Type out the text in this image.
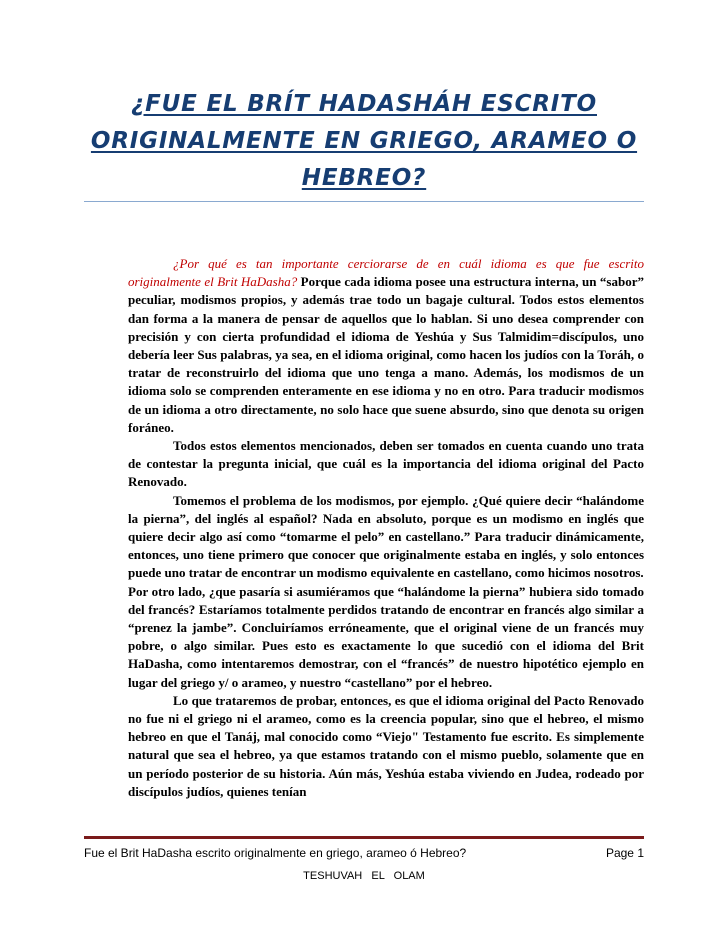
¿FUE EL BRÍT HADASHÁH ESCRITO ORIGINALMENTE EN GRIEGO, ARAMEO O HEBREO?

¿Por qué es tan importante cerciorarse de en cuál idioma es que fue escrito originalmente el Brit HaDasha? Porque cada idioma posee una estructura interna, un “sabor” peculiar, modismos propios, y además trae todo un bagaje cultural. Todos estos elementos dan forma a la manera de pensar de aquellos que lo hablan. Si uno desea comprender con precisión y con cierta profundidad el idioma de Yeshúa y Sus Talmidim=discípulos, uno debería leer Sus palabras, ya sea, en el idioma original, como hacen los judíos con la Toráh, o tratar de reconstruirlo del idioma que uno tenga a mano. Además, los modismos de un idioma solo se comprenden enteramente en ese idioma y no en otro. Para traducir modismos de un idioma a otro directamente, no solo hace que suene absurdo, sino que denota su origen foráneo.

Todos estos elementos mencionados, deben ser tomados en cuenta cuando uno trata de contestar la pregunta inicial, que cuál es la importancia del idioma original del Pacto Renovado.

Tomemos el problema de los modismos, por ejemplo. ¿Qué quiere decir “halándome la pierna”, del inglés al español? Nada en absoluto, porque es un modismo en inglés que quiere decir algo así como “tomarme el pelo” en castellano.” Para traducir dinámicamente, entonces, uno tiene primero que conocer que originalmente estaba en inglés, y solo entonces puede uno tratar de encontrar un modismo equivalente en castellano, como hicimos nosotros.

Por otro lado, ¿que pasaría si asumiéramos que “halándome la pierna” hubiera sido tomado del francés? Estaríamos totalmente perdidos tratando de encontrar en francés algo similar a “prenez la jambe”. Concluiríamos erróneamente, que el original viene de un francés muy pobre, o algo similar. Pues esto es exactamente lo que sucedió con el idioma del Brit HaDasha, como intentaremos demostrar, con el “francés” de nuestro hipotético ejemplo en lugar del griego y/ o arameo, y nuestro “castellano” por el hebreo.

Lo que trataremos de probar, entonces, es que el idioma original del Pacto Renovado no fue ni el griego ni el arameo, como es la creencia popular, sino que el hebreo, el mismo hebreo en que el Tanáj, mal conocido como “Viejo" Testamento fue escrito. Es simplemente natural que sea el hebreo, ya que estamos tratando con el mismo pueblo, solamente que en un período posterior de su historia. Aún más, Yeshúa estaba viviendo en Judea, rodeado por discípulos judíos, quienes tenían

Fue el Brit HaDasha escrito originalmente en griego, arameo ó Hebreo?	Page 1
TESHUVAH   EL   OLAM
